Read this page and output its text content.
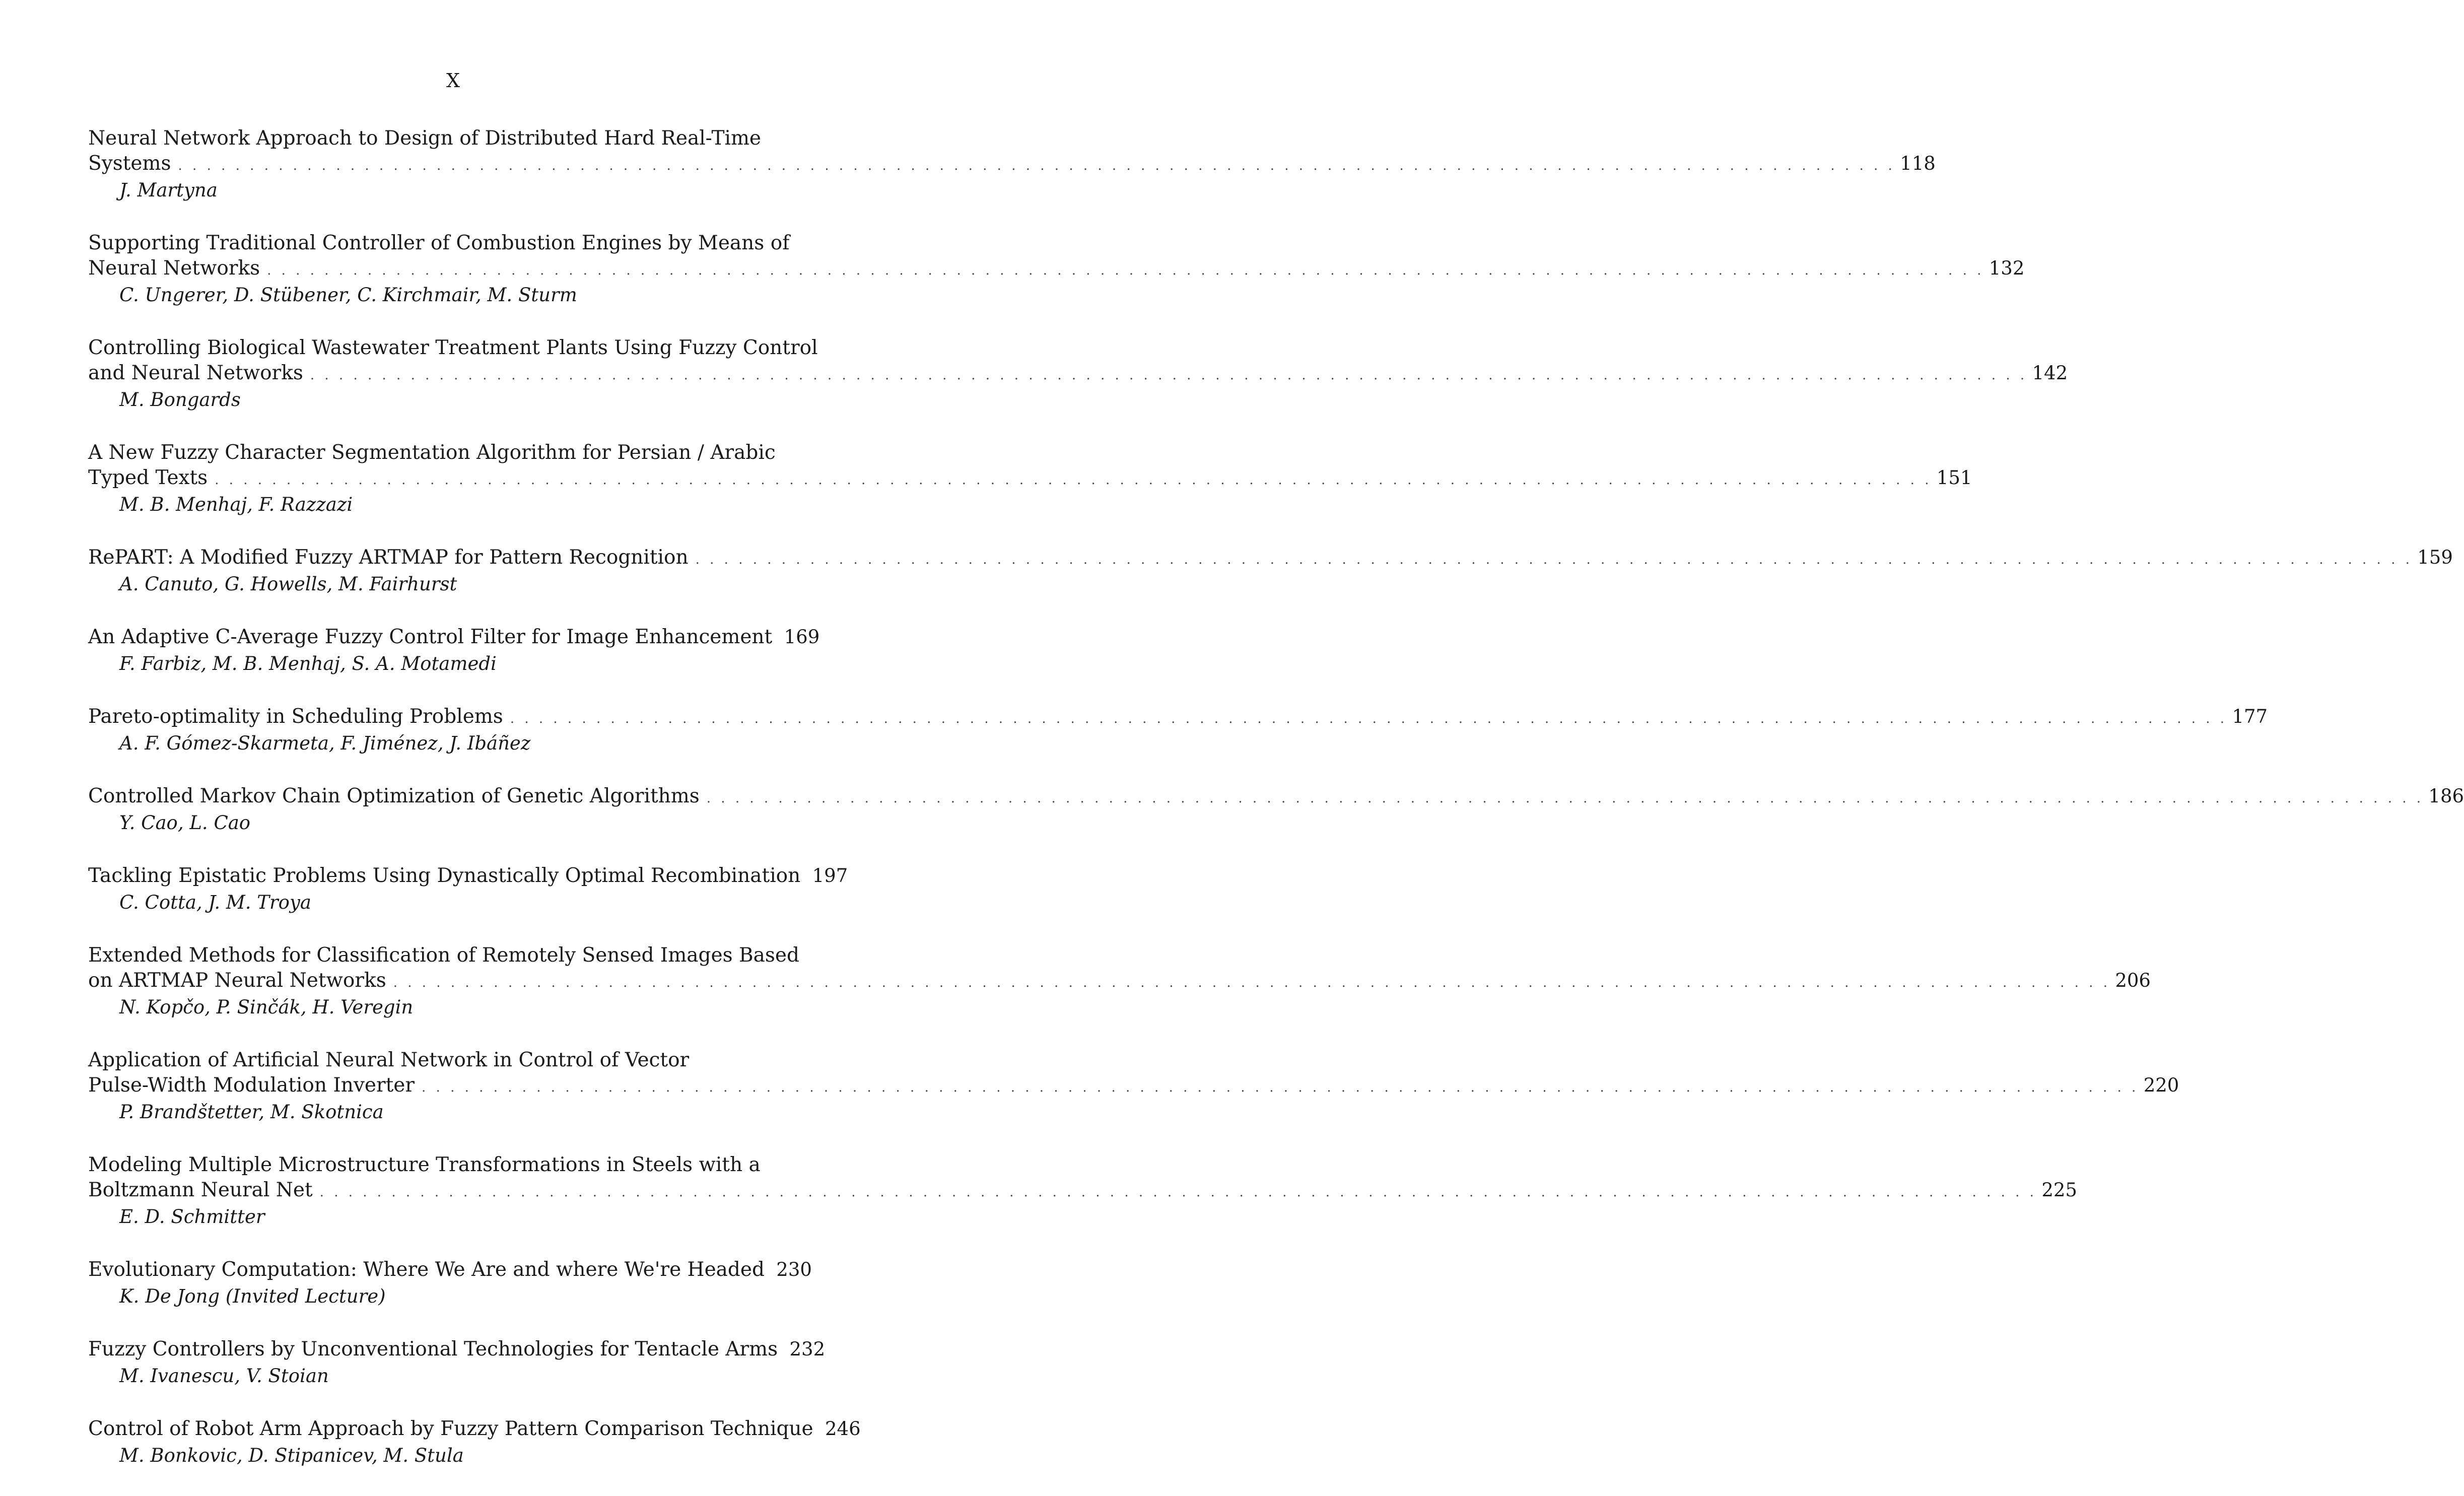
X
Neural Network Approach to Design of Distributed Hard Real-Time
Systems . . . . . . . . . . . . . . . . . . . . . . . . . . . . . . . . . . . . . . . . . . . . . . . . . . . . . . . . . . . . . . . . . . . . . . . . . . . . . . . . . . . . . . . . . . . . . . . . . . . . . . . . . . . . . . . . . . . . . . . . 118
J. Martyna
Supporting Traditional Controller of Combustion Engines by Means of
Neural Networks . . . . . . . . . . . . . . . . . . . . . . . . . . . . . . . . . . . . . . . . . . . . . . . . . . . . . . . . . . . . . . . . . . . . . . . . . . . . . . . . . . . . . . . . . . . . . . . . . . . . . . . . . . . . . . . . . . . . . . . . 132
C. Ungerer, D. Stübener, C. Kirchmair, M. Sturm
Controlling Biological Wastewater Treatment Plants Using Fuzzy Control
and Neural Networks . . . . . . . . . . . . . . . . . . . . . . . . . . . . . . . . . . . . . . . . . . . . . . . . . . . . . . . . . . . . . . . . . . . . . . . . . . . . . . . . . . . . . . . . . . . . . . . . . . . . . . . . . . . . . . . . . . . . . . . . 142
M. Bongards
A New Fuzzy Character Segmentation Algorithm for Persian / Arabic
Typed Texts . . . . . . . . . . . . . . . . . . . . . . . . . . . . . . . . . . . . . . . . . . . . . . . . . . . . . . . . . . . . . . . . . . . . . . . . . . . . . . . . . . . . . . . . . . . . . . . . . . . . . . . . . . . . . . . . . . . . . . . . 151
M. B. Menhaj, F. Razzazi
RePART: A Modified Fuzzy ARTMAP for Pattern Recognition . . . . . . . . . . . . . . . . . . . . . . . . . . . . . . . . . . . . . . . . . . . . . . . . . . . . . . . . . . . . . . . . . . . . . . . . . . . . . . . . . . . . . . . . . . . . . . . . . . . . . . . . . . . . . . . . . . . . . . . . 159
A. Canuto, G. Howells, M. Fairhurst
An Adaptive C-Average Fuzzy Control Filter for Image Enhancement 169
F. Farbiz, M. B. Menhaj, S. A. Motamedi
Pareto-optimality in Scheduling Problems . . . . . . . . . . . . . . . . . . . . . . . . . . . . . . . . . . . . . . . . . . . . . . . . . . . . . . . . . . . . . . . . . . . . . . . . . . . . . . . . . . . . . . . . . . . . . . . . . . . . . . . . . . . . . . . . . . . . . . . . 177
A. F. Gómez-Skarmeta, F. Jiménez, J. Ibáñez
Controlled Markov Chain Optimization of Genetic Algorithms . . . . . . . . . . . . . . . . . . . . . . . . . . . . . . . . . . . . . . . . . . . . . . . . . . . . . . . . . . . . . . . . . . . . . . . . . . . . . . . . . . . . . . . . . . . . . . . . . . . . . . . . . . . . . . . . . . . . . . . . 186
Y. Cao, L. Cao
Tackling Epistatic Problems Using Dynastically Optimal Recombination 197
C. Cotta, J. M. Troya
Extended Methods for Classification of Remotely Sensed Images Based
on ARTMAP Neural Networks . . . . . . . . . . . . . . . . . . . . . . . . . . . . . . . . . . . . . . . . . . . . . . . . . . . . . . . . . . . . . . . . . . . . . . . . . . . . . . . . . . . . . . . . . . . . . . . . . . . . . . . . . . . . . . . . . . . . . . . . 206
N. Kopčo, P. Sinčák, H. Veregin
Application of Artificial Neural Network in Control of Vector
Pulse-Width Modulation Inverter . . . . . . . . . . . . . . . . . . . . . . . . . . . . . . . . . . . . . . . . . . . . . . . . . . . . . . . . . . . . . . . . . . . . . . . . . . . . . . . . . . . . . . . . . . . . . . . . . . . . . . . . . . . . . . . . . . . . . . . . 220
P. Brandštetter, M. Skotnica
Modeling Multiple Microstructure Transformations in Steels with a
Boltzmann Neural Net . . . . . . . . . . . . . . . . . . . . . . . . . . . . . . . . . . . . . . . . . . . . . . . . . . . . . . . . . . . . . . . . . . . . . . . . . . . . . . . . . . . . . . . . . . . . . . . . . . . . . . . . . . . . . . . . . . . . . . . . 225
E. D. Schmitter
Evolutionary Computation: Where We Are and where We're Headed 230
K. De Jong (Invited Lecture)
Fuzzy Controllers by Unconventional Technologies for Tentacle Arms 232
M. Ivanescu, V. Stoian
Control of Robot Arm Approach by Fuzzy Pattern Comparison Technique 246
M. Bonkovic, D. Stipanicev, M. Stula
